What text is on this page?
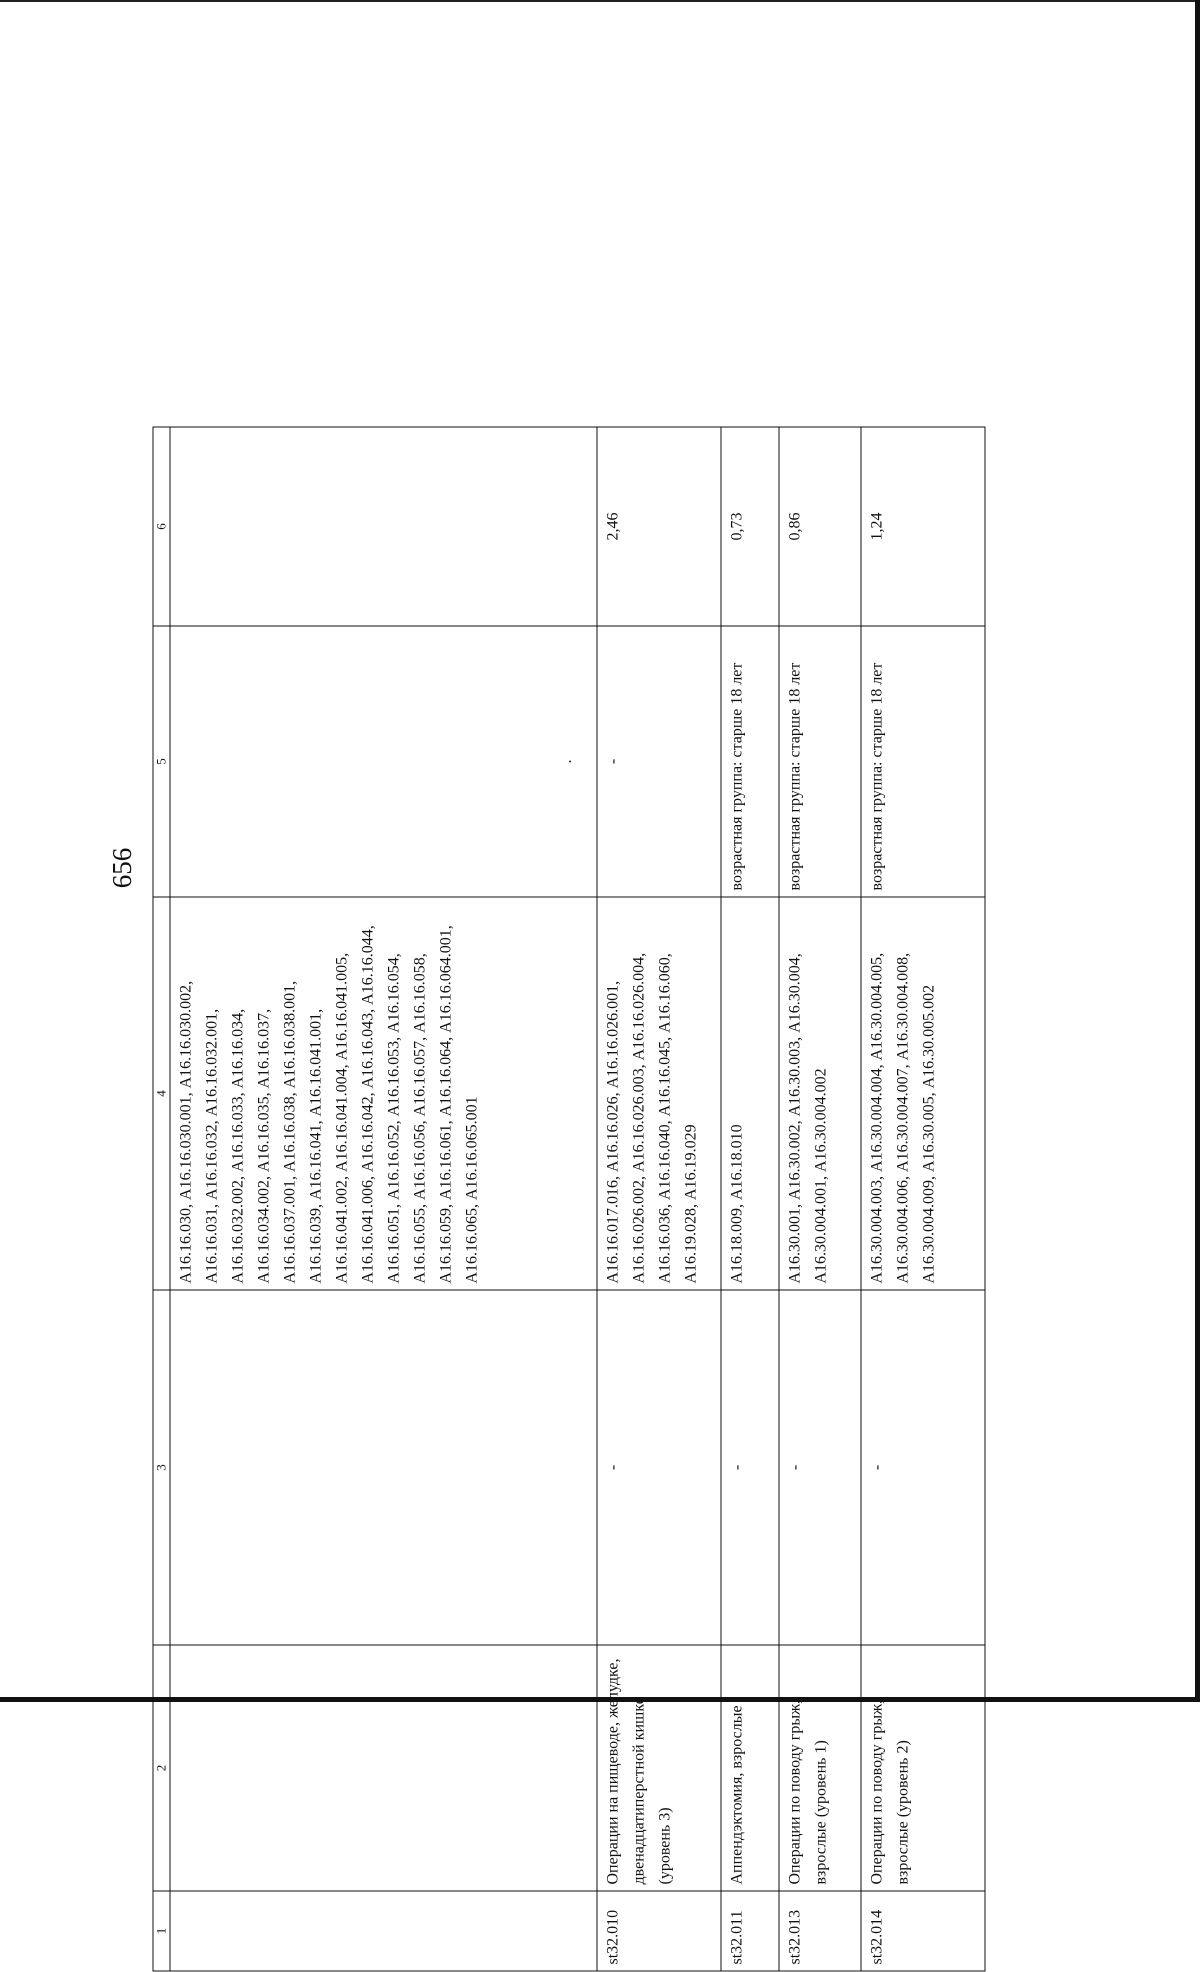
656
1	2	3	4	5	6
			А16.16.030, А16.16.030.001, А16.16.030.002, А16.16.031, А16.16.032, А16.16.032.001, А16.16.032.002, А16.16.033, А16.16.034, А16.16.034.002, А16.16.035, А16.16.037, А16.16.037.001, А16.16.038, А16.16.038.001, А16.16.039, А16.16.041, А16.16.041.001, А16.16.041.002, А16.16.041.004, А16.16.041.005, А16.16.041.006, А16.16.042, А16.16.043, А16.16.044, А16.16.051, А16.16.052, А16.16.053, А16.16.054, А16.16.055, А16.16.056, А16.16.057, А16.16.058, А16.16.059, А16.16.061, А16.16.064, А16.16.064.001, А16.16.065, А16.16.065.001	·	

st32.010	Операции на пищеводе, желудке, двенадцатиперстной кишке (уровень 3)	-	А16.16.017.016, А16.16.026, А16.16.026.001, А16.16.026.002, А16.16.026.003, А16.16.026.004, А16.16.036, А16.16.040, А16.16.045, А16.16.060, А16.19.028, А16.19.029	-	2,46
st32.011	Аппендэктомия, взрослые	-	А16.18.009, А16.18.010	возрастная группа: старше 18 лет	0,73
st32.013	Операции по поводу грыж, взрослые (уровень 1)	-	А16.30.001, А16.30.002, А16.30.003, А16.30.004, А16.30.004.001, А16.30.004.002	возрастная группа: старше 18 лет	0,86
st32.014	Операции по поводу грыж, взрослые (уровень 2)	-	А16.30.004.003, А16.30.004.004, А16.30.004.005, А16.30.004.006, А16.30.004.007, А16.30.004.008, А16.30.004.009, А16.30.005, А16.30.005.002	возрастная группа: старше 18 лет	1,24
